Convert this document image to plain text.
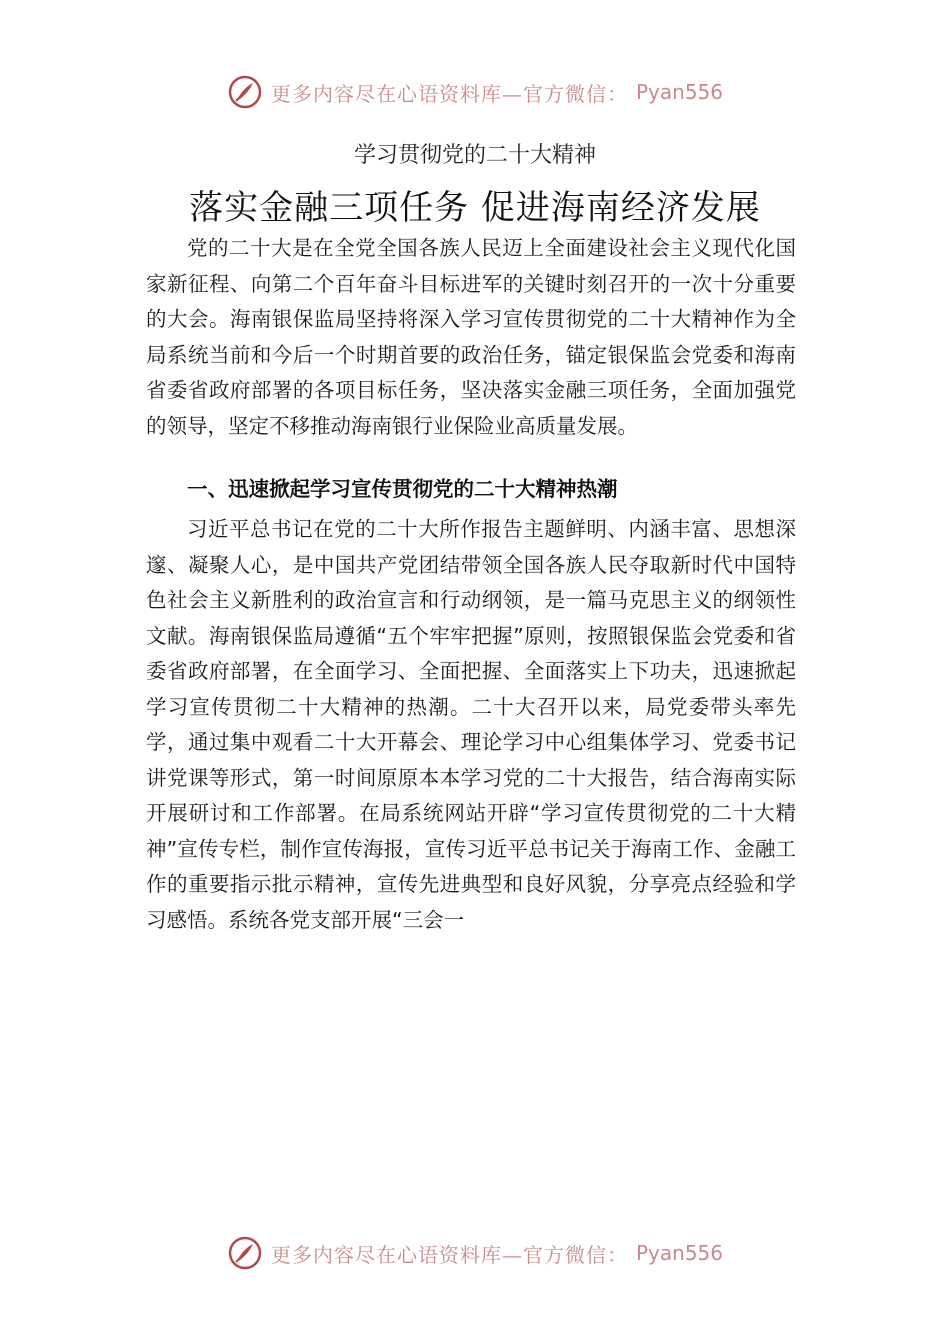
更多内容尽在心语资料库—官方微信： Pyan556
学习贯彻党的二十大精神
落实金融三项任务 促进海南经济发展

党的二十大是在全党全国各族人民迈上全面建设社会主义现代化国家新征程、向第二个百年奋斗目标进军的关键时刻召开的一次十分重要的大会。海南银保监局坚持将深入学习宣传贯彻党的二十大精神作为全局系统当前和今后一个时期首要的政治任务，锚定银保监会党委和海南省委省政府部署的各项目标任务，坚决落实金融三项任务，全面加强党的领导，坚定不移推动海南银行业保险业高质量发展。

一、迅速掀起学习宣传贯彻党的二十大精神热潮

习近平总书记在党的二十大所作报告主题鲜明、内涵丰富、思想深邃、凝聚人心，是中国共产党团结带领全国各族人民夺取新时代中国特色社会主义新胜利的政治宣言和行动纲领，是一篇马克思主义的纲领性文献。海南银保监局遵循“五个牢牢把握”原则，按照银保监会党委和省委省政府部署，在全面学习、全面把握、全面落实上下功夫，迅速掀起学习宣传贯彻二十大精神的热潮。二十大召开以来，局党委带头率先学，通过集中观看二十大开幕会、理论学习中心组集体学习、党委书记讲党课等形式，第一时间原原本本学习党的二十大报告，结合海南实际开展研讨和工作部署。在局系统网站开辟“学习宣传贯彻党的二十大精神”宣传专栏，制作宣传海报，宣传习近平总书记关于海南工作、金融工作的重要指示批示精神，宣传先进典型和良好风貌，分享亮点经验和学习感悟。系统各党支部开展“三会一

更多内容尽在心语资料库—官方微信： Pyan556
